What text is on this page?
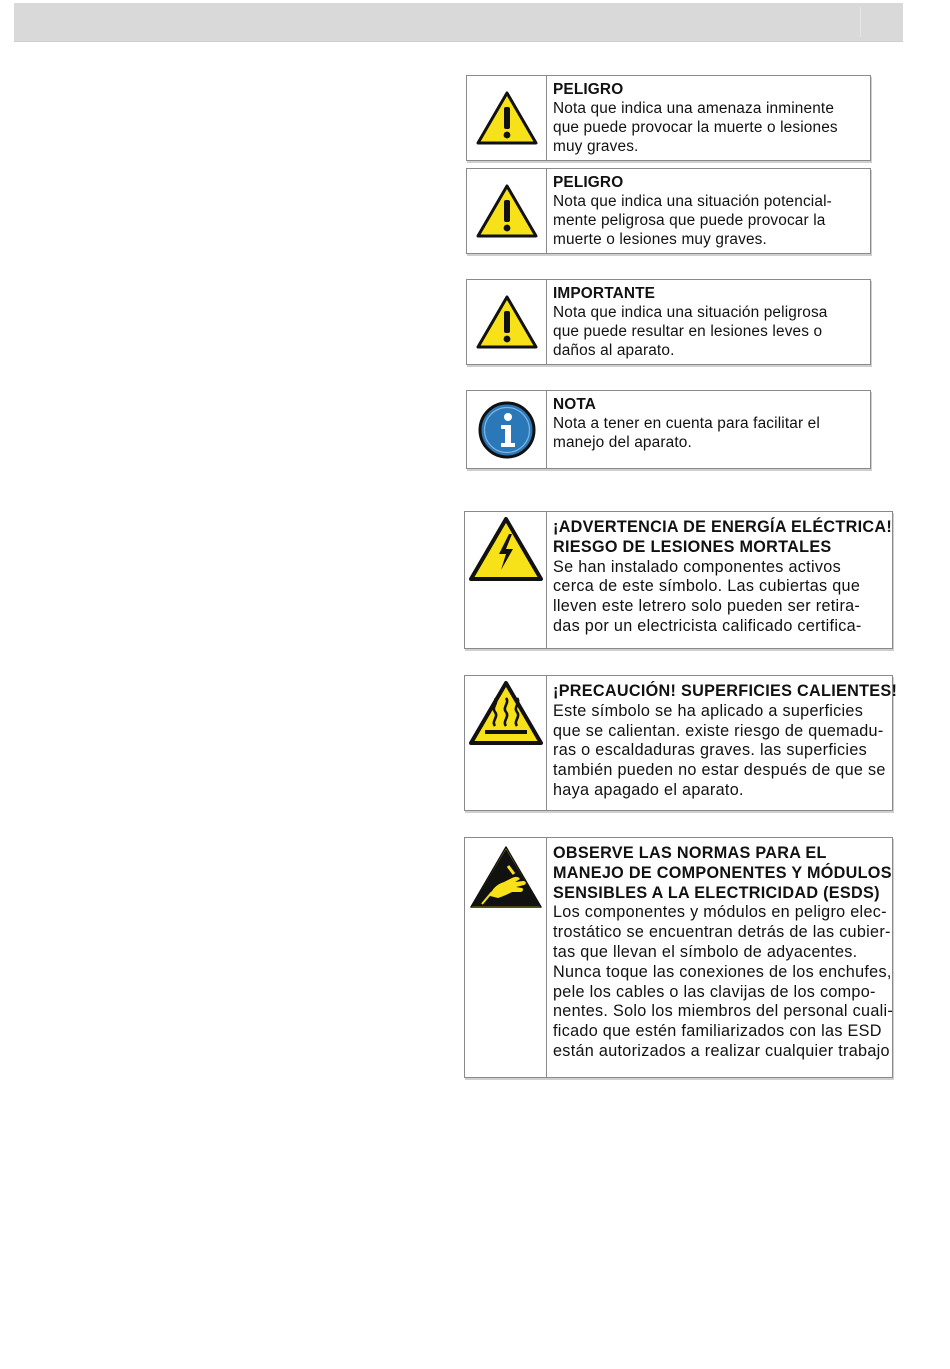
PELIGRO
Nota que indica una amenaza inminente
que puede provocar la muerte o lesiones
muy graves.
PELIGRO
Nota que indica una situación potencial-
mente peligrosa que puede provocar la
muerte o lesiones muy graves.
IMPORTANTE
Nota que indica una situación peligrosa
que puede resultar en lesiones leves o
daños al aparato.
NOTA
Nota a tener en cuenta para facilitar el
manejo del aparato.
¡ADVERTENCIA DE ENERGÍA ELÉCTRICA!
RIESGO DE LESIONES MORTALES
Se han instalado componentes activos
cerca de este símbolo. Las cubiertas que
lleven este letrero solo pueden ser retira-
das por un electricista calificado certifica-
¡PRECAUCIÓN! SUPERFICIES CALIENTES!
Este símbolo se ha aplicado a superficies
que se calientan. existe riesgo de quemadu-
ras o escaldaduras graves. las superficies
también pueden no estar después de que se
haya apagado el aparato.
OBSERVE LAS NORMAS PARA EL
MANEJO DE COMPONENTES Y MÓDULOS
SENSIBLES A LA ELECTRICIDAD (ESDS)
Los componentes y módulos en peligro elec-
trostático se encuentran detrás de las cubier-
tas que llevan el símbolo de adyacentes.
Nunca toque las conexiones de los enchufes,
pele los cables o las clavijas de los compo-
nentes. Solo los miembros del personal cuali-
ficado que estén familiarizados con las ESD
están autorizados a realizar cualquier trabajo
